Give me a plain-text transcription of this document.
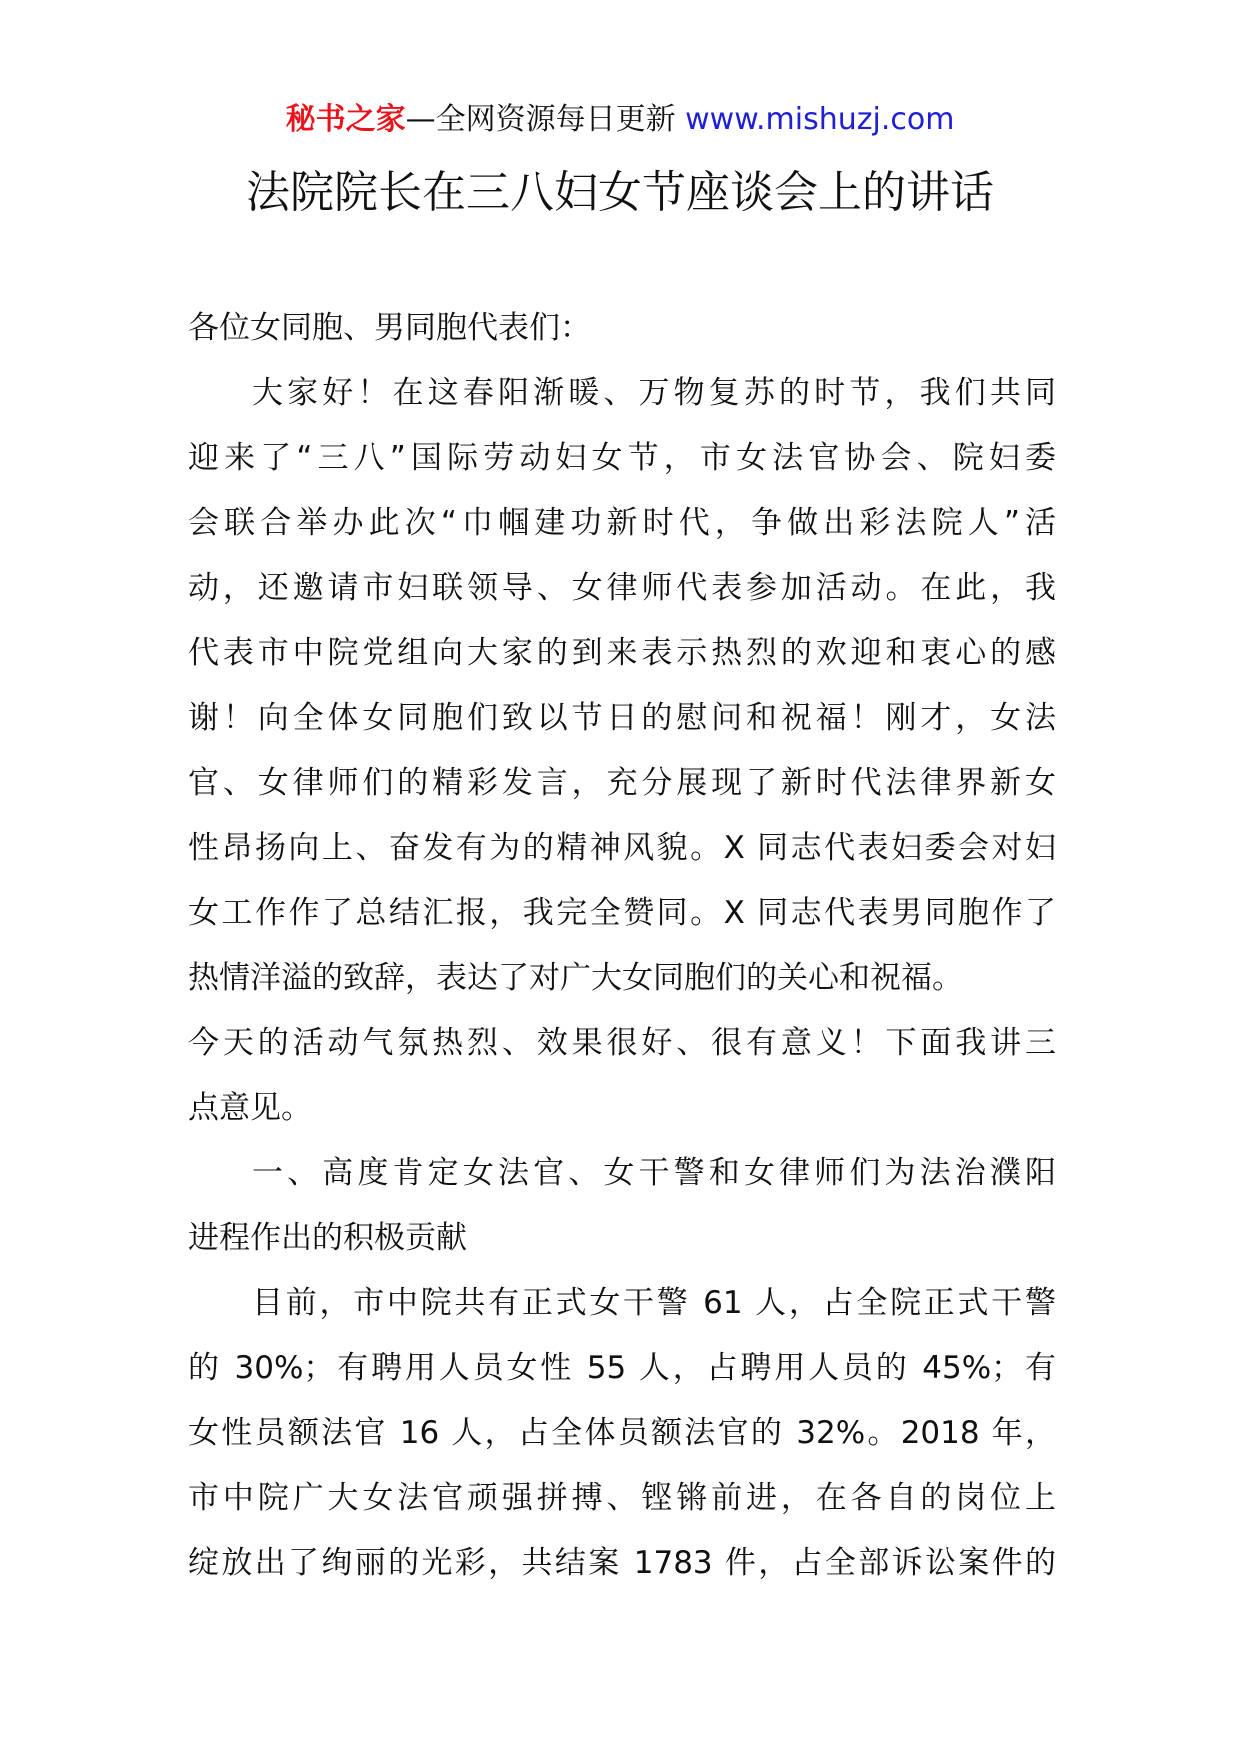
秘书之家—全网资源每日更新 www.mishuzj.com
法院院长在三八妇女节座谈会上的讲话
各位女同胞、男同胞代表们：
大家好！在这春阳渐暖、万物复苏的时节，我们共同
迎来了“三八”国际劳动妇女节，市女法官协会、院妇委
会联合举办此次“巾帼建功新时代，争做出彩法院人”活
动，还邀请市妇联领导、女律师代表参加活动。在此，我
代表市中院党组向大家的到来表示热烈的欢迎和衷心的感
谢！向全体女同胞们致以节日的慰问和祝福！刚才，女法
官、女律师们的精彩发言，充分展现了新时代法律界新女
性昂扬向上、奋发有为的精神风貌。X 同志代表妇委会对妇
女工作作了总结汇报，我完全赞同。X 同志代表男同胞作了
热情洋溢的致辞，表达了对广大女同胞们的关心和祝福。
今天的活动气氛热烈、效果很好、很有意义！下面我讲三
点意见。
一、高度肯定女法官、女干警和女律师们为法治濮阳
进程作出的积极贡献
目前，市中院共有正式女干警 61 人，占全院正式干警
的 30%；有聘用人员女性 55 人，占聘用人员的 45%；有
女性员额法官 16 人，占全体员额法官的 32%。2018 年，
市中院广大女法官顽强拼搏、铿锵前进，在各自的岗位上
绽放出了绚丽的光彩，共结案 1783 件，占全部诉讼案件的
